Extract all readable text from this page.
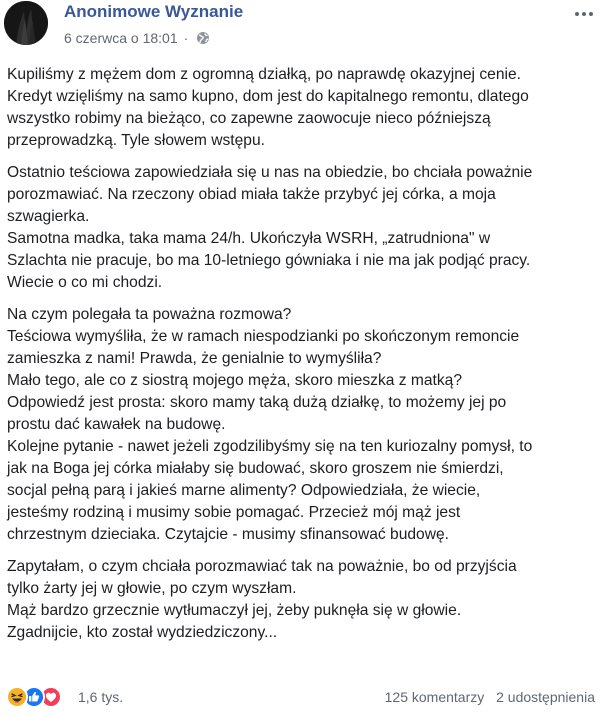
Anonimowe Wyznanie
6 czerwca o 18:01 ·
Kupiliśmy z mężem dom z ogromną działką, po naprawdę okazyjnej cenie.
Kredyt wzięliśmy na samo kupno, dom jest do kapitalnego remontu, dlatego
wszystko robimy na bieżąco, co zapewne zaowocuje nieco późniejszą
przeprowadzką. Tyle słowem wstępu.
Ostatnio teściowa zapowiedziała się u nas na obiedzie, bo chciała poważnie
porozmawiać. Na rzeczony obiad miała także przybyć jej córka, a moja
szwagierka.
Samotna madka, taka mama 24/h. Ukończyła WSRH, „zatrudniona" w
Szlachta nie pracuje, bo ma 10-letniego gówniaka i nie ma jak podjąć pracy.
Wiecie o co mi chodzi.
Na czym polegała ta poważna rozmowa?
Teściowa wymyśliła, że w ramach niespodzianki po skończonym remoncie
zamieszka z nami! Prawda, że genialnie to wymyśliła?
Mało tego, ale co z siostrą mojego męża, skoro mieszka z matką?
Odpowiedź jest prosta: skoro mamy taką dużą działkę, to możemy jej po
prostu dać kawałek na budowę.
Kolejne pytanie - nawet jeżeli zgodzilibyśmy się na ten kuriozalny pomysł, to
jak na Boga jej córka miałaby się budować, skoro groszem nie śmierdzi,
socjal pełną parą i jakieś marne alimenty? Odpowiedziała, że wiecie,
jesteśmy rodziną i musimy sobie pomagać. Przecież mój mąż jest
chrzestnym dzieciaka. Czytajcie - musimy sfinansować budowę.
Zapytałam, o czym chciała porozmawiać tak na poważnie, bo od przyjścia
tylko żarty jej w głowie, po czym wyszłam.
Mąż bardzo grzecznie wytłumaczył jej, żeby puknęła się w głowie.
Zgadnijcie, kto został wydziedziczony...
1,6 tys.	125 komentarzy 2 udostępnienia
